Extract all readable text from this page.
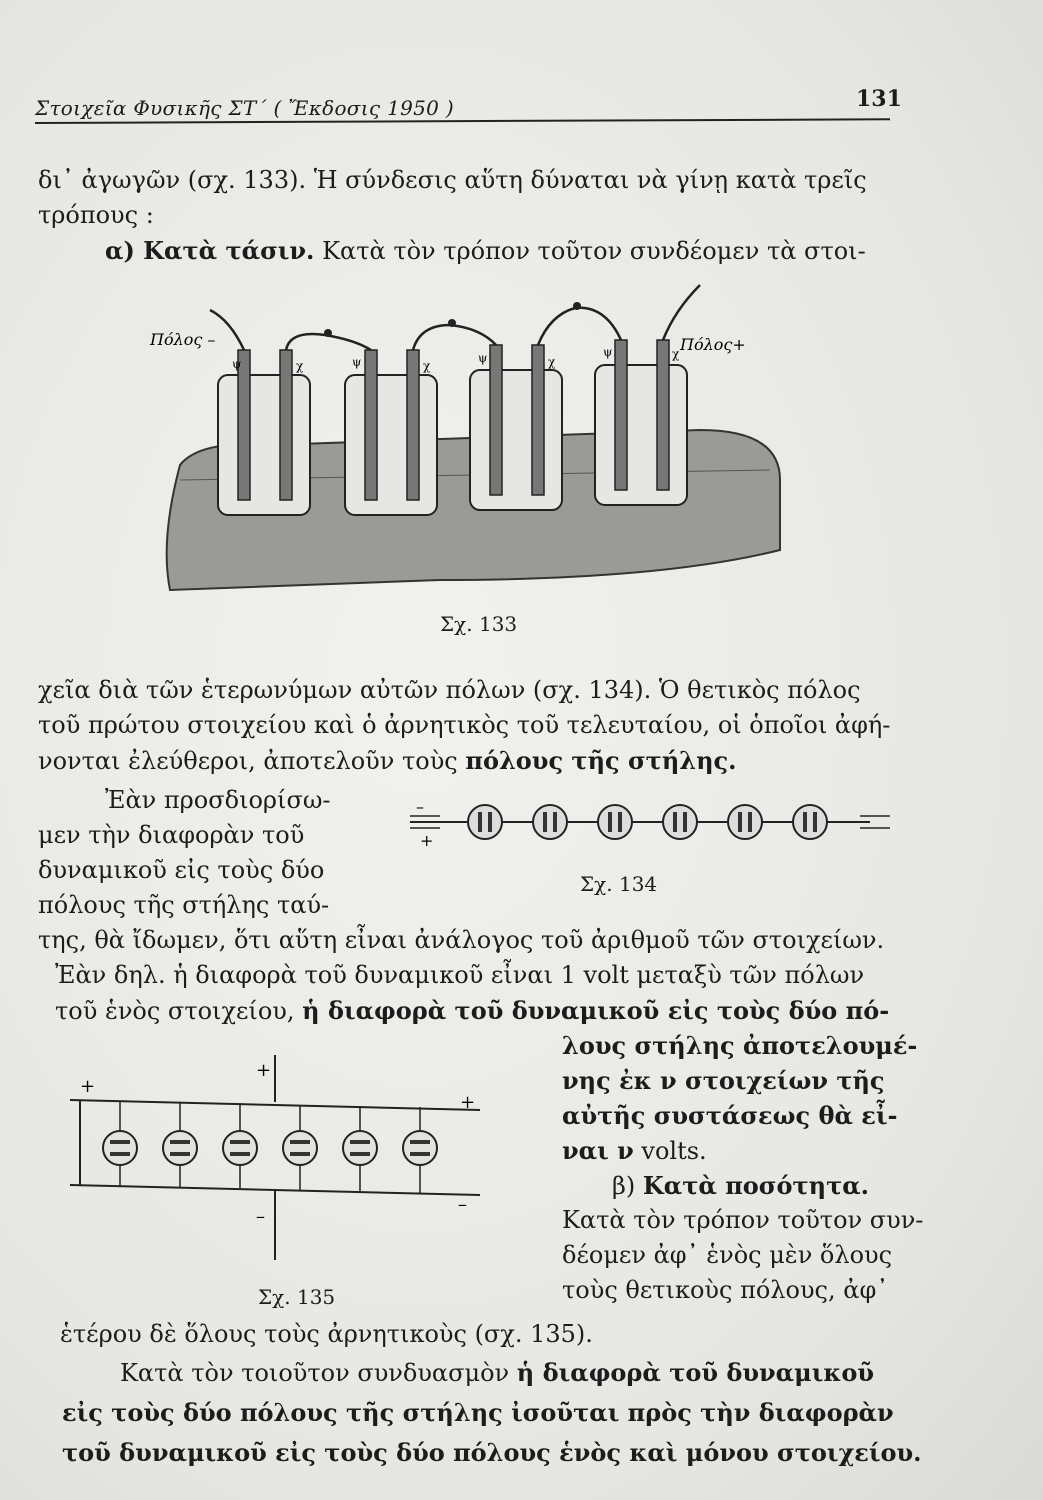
Στοιχεῖα Φυσικῆς ΣΤ΄ ( Ἔκδοσις 1950 )	131
δι᾽ ἀγωγῶν (σχ. 133). Ἡ σύνδεσις αὕτη δύναται νὰ γίνῃ κατὰ τρεῖς
τρόπους :
α) Κατὰ τάσιν. Κατὰ τὸν τρόπον τοῦτον συνδέομεν τὰ στοι-
Πόλος –	Πόλος+
ψ	χ	ψ	χ
ψ	χ
ψ	χ
Σχ. 133
χεῖα διὰ τῶν ἑτερωνύμων αὐτῶν πόλων (σχ. 134). Ὁ θετικὸς πόλος
τοῦ πρώτου στοιχείου καὶ ὁ ἀρνητικὸς τοῦ τελευταίου, οἱ ὁποῖοι ἀφή-
νονται ἐλεύθεροι, ἀποτελοῦν τοὺς πόλους τῆς στήλης.
Ἐὰν προσδιορίσω-
μεν τὴν διαφορὰν τοῦ
δυναμικοῦ εἰς τοὺς δύο
πόλους τῆς στήλης ταύ-
–
+
Σχ. 134
της, θὰ ἴδωμεν, ὅτι αὕτη εἶναι ἀνάλογος τοῦ ἀριθμοῦ τῶν στοιχείων.
Ἐὰν δηλ. ἡ διαφορὰ τοῦ δυναμικοῦ εἶναι 1 volt μεταξὺ τῶν πόλων
τοῦ ἑνὸς στοιχείου, ἡ διαφορὰ τοῦ δυναμικοῦ εἰς τοὺς δύο πό-
+
+
+
–
–
Σχ. 135
λους στήλης ἀποτελουμέ-
νης ἐκ ν στοιχείων τῆς
αὐτῆς συστάσεως θὰ εἶ-
ναι ν volts.
β) Κατὰ ποσότητα.
Κατὰ τὸν τρόπον τοῦτον συν-
δέομεν ἀφ᾽ ἑνὸς μὲν ὅλους
τοὺς θετικοὺς πόλους, ἀφ᾽
ἑτέρου δὲ ὅλους τοὺς ἀρνητικοὺς (σχ. 135).
Κατὰ τὸν τοιοῦτον συνδυασμὸν ἡ διαφορὰ τοῦ δυναμικοῦ
εἰς τοὺς δύο πόλους τῆς στήλης ἰσοῦται πρὸς τὴν διαφορὰν
τοῦ δυναμικοῦ εἰς τοὺς δύο πόλους ἑνὸς καὶ μόνου στοιχείου.
